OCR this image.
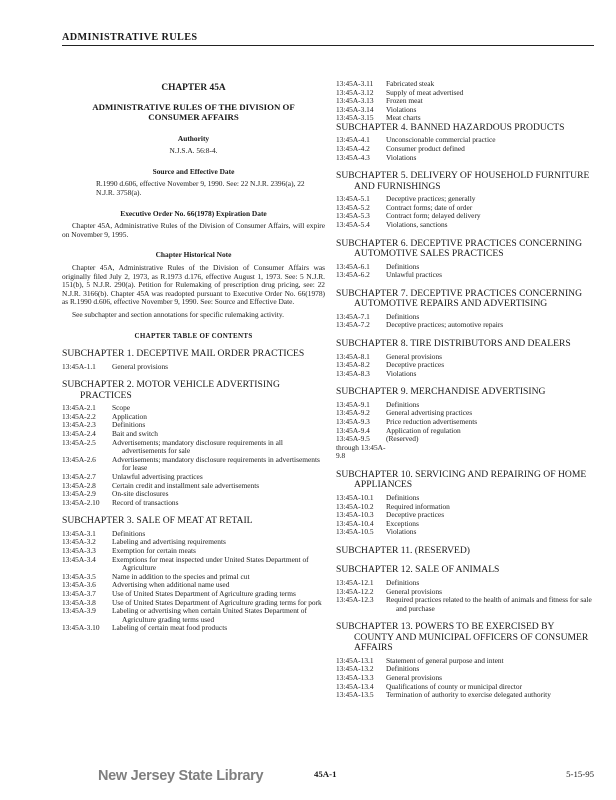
ADMINISTRATIVE RULES
CHAPTER 45A
ADMINISTRATIVE RULES OF THE DIVISION OF CONSUMER AFFAIRS
Authority
N.J.S.A. 56:8-4.
Source and Effective Date
R.1990 d.606, effective November 9, 1990. See: 22 N.J.R. 2396(a), 22 N.J.R. 3758(a).
Executive Order No. 66(1978) Expiration Date
Chapter 45A, Administrative Rules of the Division of Consumer Affairs, will expire on November 9, 1995.
Chapter Historical Note
Chapter 45A, Administrative Rules of the Division of Consumer Affairs was originally filed July 2, 1973, as R.1973 d.176, effective August 1, 1973. See: 5 N.J.R. 151(b), 5 N.J.R. 290(a). Petition for Rulemaking of prescription drug pricing, see: 22 N.J.R. 3166(b). Chapter 45A was readopted pursuant to Executive Order No. 66(1978) as R.1990 d.606, effective November 9, 1990. See: Source and Effective Date.
See subchapter and section annotations for specific rulemaking activity.
CHAPTER TABLE OF CONTENTS
SUBCHAPTER 1. DECEPTIVE MAIL ORDER PRACTICES
13:45A-1.1	General provisions
SUBCHAPTER 2. MOTOR VEHICLE ADVERTISING PRACTICES
13:45A-2.1	Scope
13:45A-2.2	Application
13:45A-2.3	Definitions
13:45A-2.4	Bait and switch
13:45A-2.5	Advertisements; mandatory disclosure requirements in all advertisements for sale
13:45A-2.6	Advertisements; mandatory disclosure requirements in advertisements for lease
13:45A-2.7	Unlawful advertising practices
13:45A-2.8	Certain credit and installment sale advertisements
13:45A-2.9	On-site disclosures
13:45A-2.10	Record of transactions
SUBCHAPTER 3. SALE OF MEAT AT RETAIL
13:45A-3.1	Definitions
13:45A-3.2	Labeling and advertising requirements
13:45A-3.3	Exemption for certain meats
13:45A-3.4	Exemptions for meat inspected under United States Department of Agriculture
13:45A-3.5	Name in addition to the species and primal cut
13:45A-3.6	Advertising when additional name used
13:45A-3.7	Use of United States Department of Agriculture grading terms
13:45A-3.8	Use of United States Department of Agriculture grading terms for pork
13:45A-3.9	Labeling or advertising when certain United States Department of Agriculture grading terms used
13:45A-3.10	Labeling of certain meat food products
13:45A-3.11	Fabricated steak
13:45A-3.12	Supply of meat advertised
13:45A-3.13	Frozen meat
13:45A-3.14	Violations
13:45A-3.15	Meat charts
SUBCHAPTER 4. BANNED HAZARDOUS PRODUCTS
13:45A-4.1	Unconscionable commercial practice
13:45A-4.2	Consumer product defined
13:45A-4.3	Violations
SUBCHAPTER 5. DELIVERY OF HOUSEHOLD FURNITURE AND FURNISHINGS
13:45A-5.1	Deceptive practices; generally
13:45A-5.2	Contract forms; date of order
13:45A-5.3	Contract form; delayed delivery
13:45A-5.4	Violations, sanctions
SUBCHAPTER 6. DECEPTIVE PRACTICES CONCERNING AUTOMOTIVE SALES PRACTICES
13:45A-6.1	Definitions
13:45A-6.2	Unlawful practices
SUBCHAPTER 7. DECEPTIVE PRACTICES CONCERNING AUTOMOTIVE REPAIRS AND ADVERTISING
13:45A-7.1	Definitions
13:45A-7.2	Deceptive practices; automotive repairs
SUBCHAPTER 8. TIRE DISTRIBUTORS AND DEALERS
13:45A-8.1	General provisions
13:45A-8.2	Deceptive practices
13:45A-8.3	Violations
SUBCHAPTER 9. MERCHANDISE ADVERTISING
13:45A-9.1	Definitions
13:45A-9.2	General advertising practices
13:45A-9.3	Price reduction advertisements
13:45A-9.4	Application of regulation
13:45A-9.5 through 13:45A-9.8
(Reserved)
SUBCHAPTER 10. SERVICING AND REPAIRING OF HOME APPLIANCES
13:45A-10.1	Definitions
13:45A-10.2	Required information
13:45A-10.3	Deceptive practices
13:45A-10.4	Exceptions
13:45A-10.5	Violations
SUBCHAPTER 11. (RESERVED)
SUBCHAPTER 12. SALE OF ANIMALS
13:45A-12.1	Definitions
13:45A-12.2	General provisions
13:45A-12.3	Required practices related to the health of animals and fitness for sale and purchase
SUBCHAPTER 13. POWERS TO BE EXERCISED BY COUNTY AND MUNICIPAL OFFICERS OF CONSUMER AFFAIRS
13:45A-13.1	Statement of general purpose and intent
13:45A-13.2	Definitions
13:45A-13.3	General provisions
13:45A-13.4	Qualifications of county or municipal director
13:45A-13.5	Termination of authority to exercise delegated authority
New Jersey State Library	45A-1	5-15-95
